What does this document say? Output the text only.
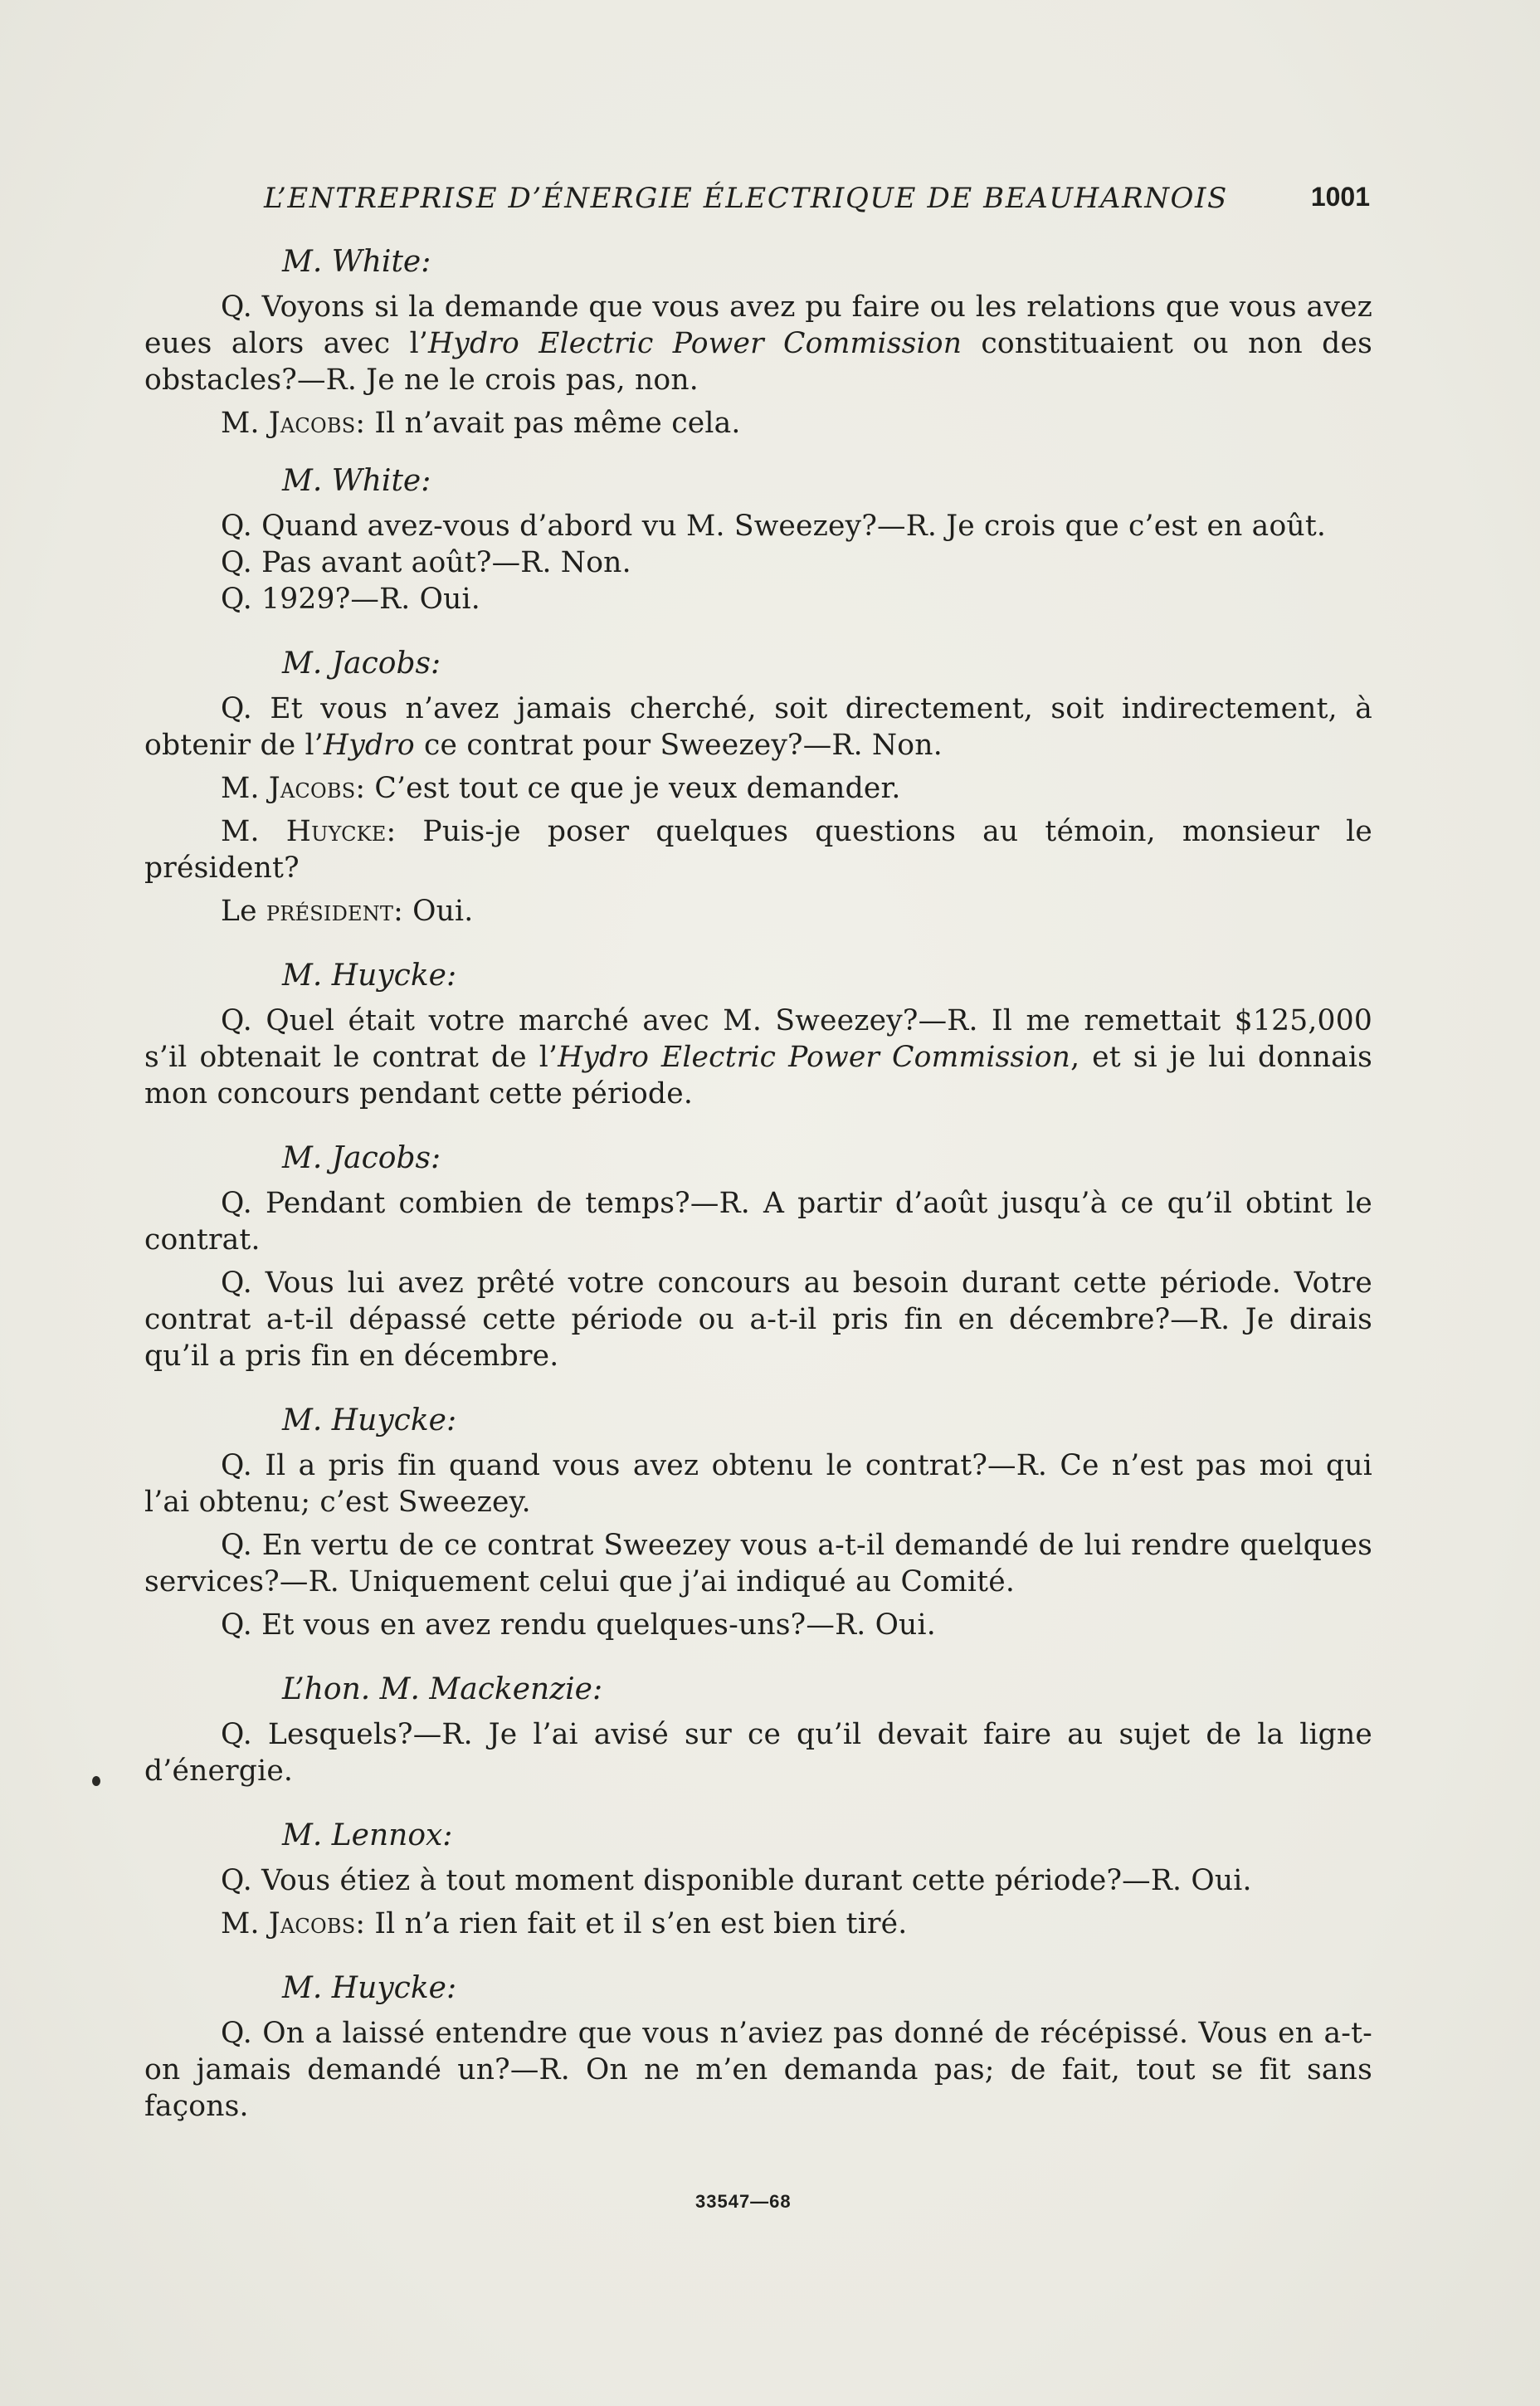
L’ENTREPRISE D’ÉNERGIE ÉLECTRIQUE DE BEAUHARNOIS	1001
M. White:

Q. Voyons si la demande que vous avez pu faire ou les relations que vous avez eues alors avec l’Hydro Electric Power Commission constituaient ou non des obstacles?—R. Je ne le crois pas, non.

M. Jacobs: Il n’avait pas même cela.

M. White:

Q. Quand avez-vous d’abord vu M. Sweezey?—R. Je crois que c’est en août.

Q. Pas avant août?—R. Non.

Q. 1929?—R. Oui.

M. Jacobs:

Q. Et vous n’avez jamais cherché, soit directement, soit indirectement, à obtenir de l’Hydro ce contrat pour Sweezey?—R. Non.

M. Jacobs: C’est tout ce que je veux demander.

M. Huycke: Puis-je poser quelques questions au témoin, monsieur le président?

Le président: Oui.

M. Huycke:

Q. Quel était votre marché avec M. Sweezey?—R. Il me remettait $125,000 s’il obtenait le contrat de l’Hydro Electric Power Commission, et si je lui donnais mon concours pendant cette période.

M. Jacobs:

Q. Pendant combien de temps?—R. A partir d’août jusqu’à ce qu’il obtint le contrat.

Q. Vous lui avez prêté votre concours au besoin durant cette période. Votre contrat a-t-il dépassé cette période ou a-t-il pris fin en décembre?—R. Je dirais qu’il a pris fin en décembre.

M. Huycke:

Q. Il a pris fin quand vous avez obtenu le contrat?—R. Ce n’est pas moi qui l’ai obtenu; c’est Sweezey.

Q. En vertu de ce contrat Sweezey vous a-t-il demandé de lui rendre quelques services?—R. Uniquement celui que j’ai indiqué au Comité.

Q. Et vous en avez rendu quelques-uns?—R. Oui.

L’hon. M. Mackenzie:

Q. Lesquels?—R. Je l’ai avisé sur ce qu’il devait faire au sujet de la ligne d’énergie.

M. Lennox:

Q. Vous étiez à tout moment disponible durant cette période?—R. Oui.

M. Jacobs: Il n’a rien fait et il s’en est bien tiré.

M. Huycke:

Q. On a laissé entendre que vous n’aviez pas donné de récépissé. Vous en a-t-on jamais demandé un?—R. On ne m’en demanda pas; de fait, tout se fit sans façons.

33547—68
